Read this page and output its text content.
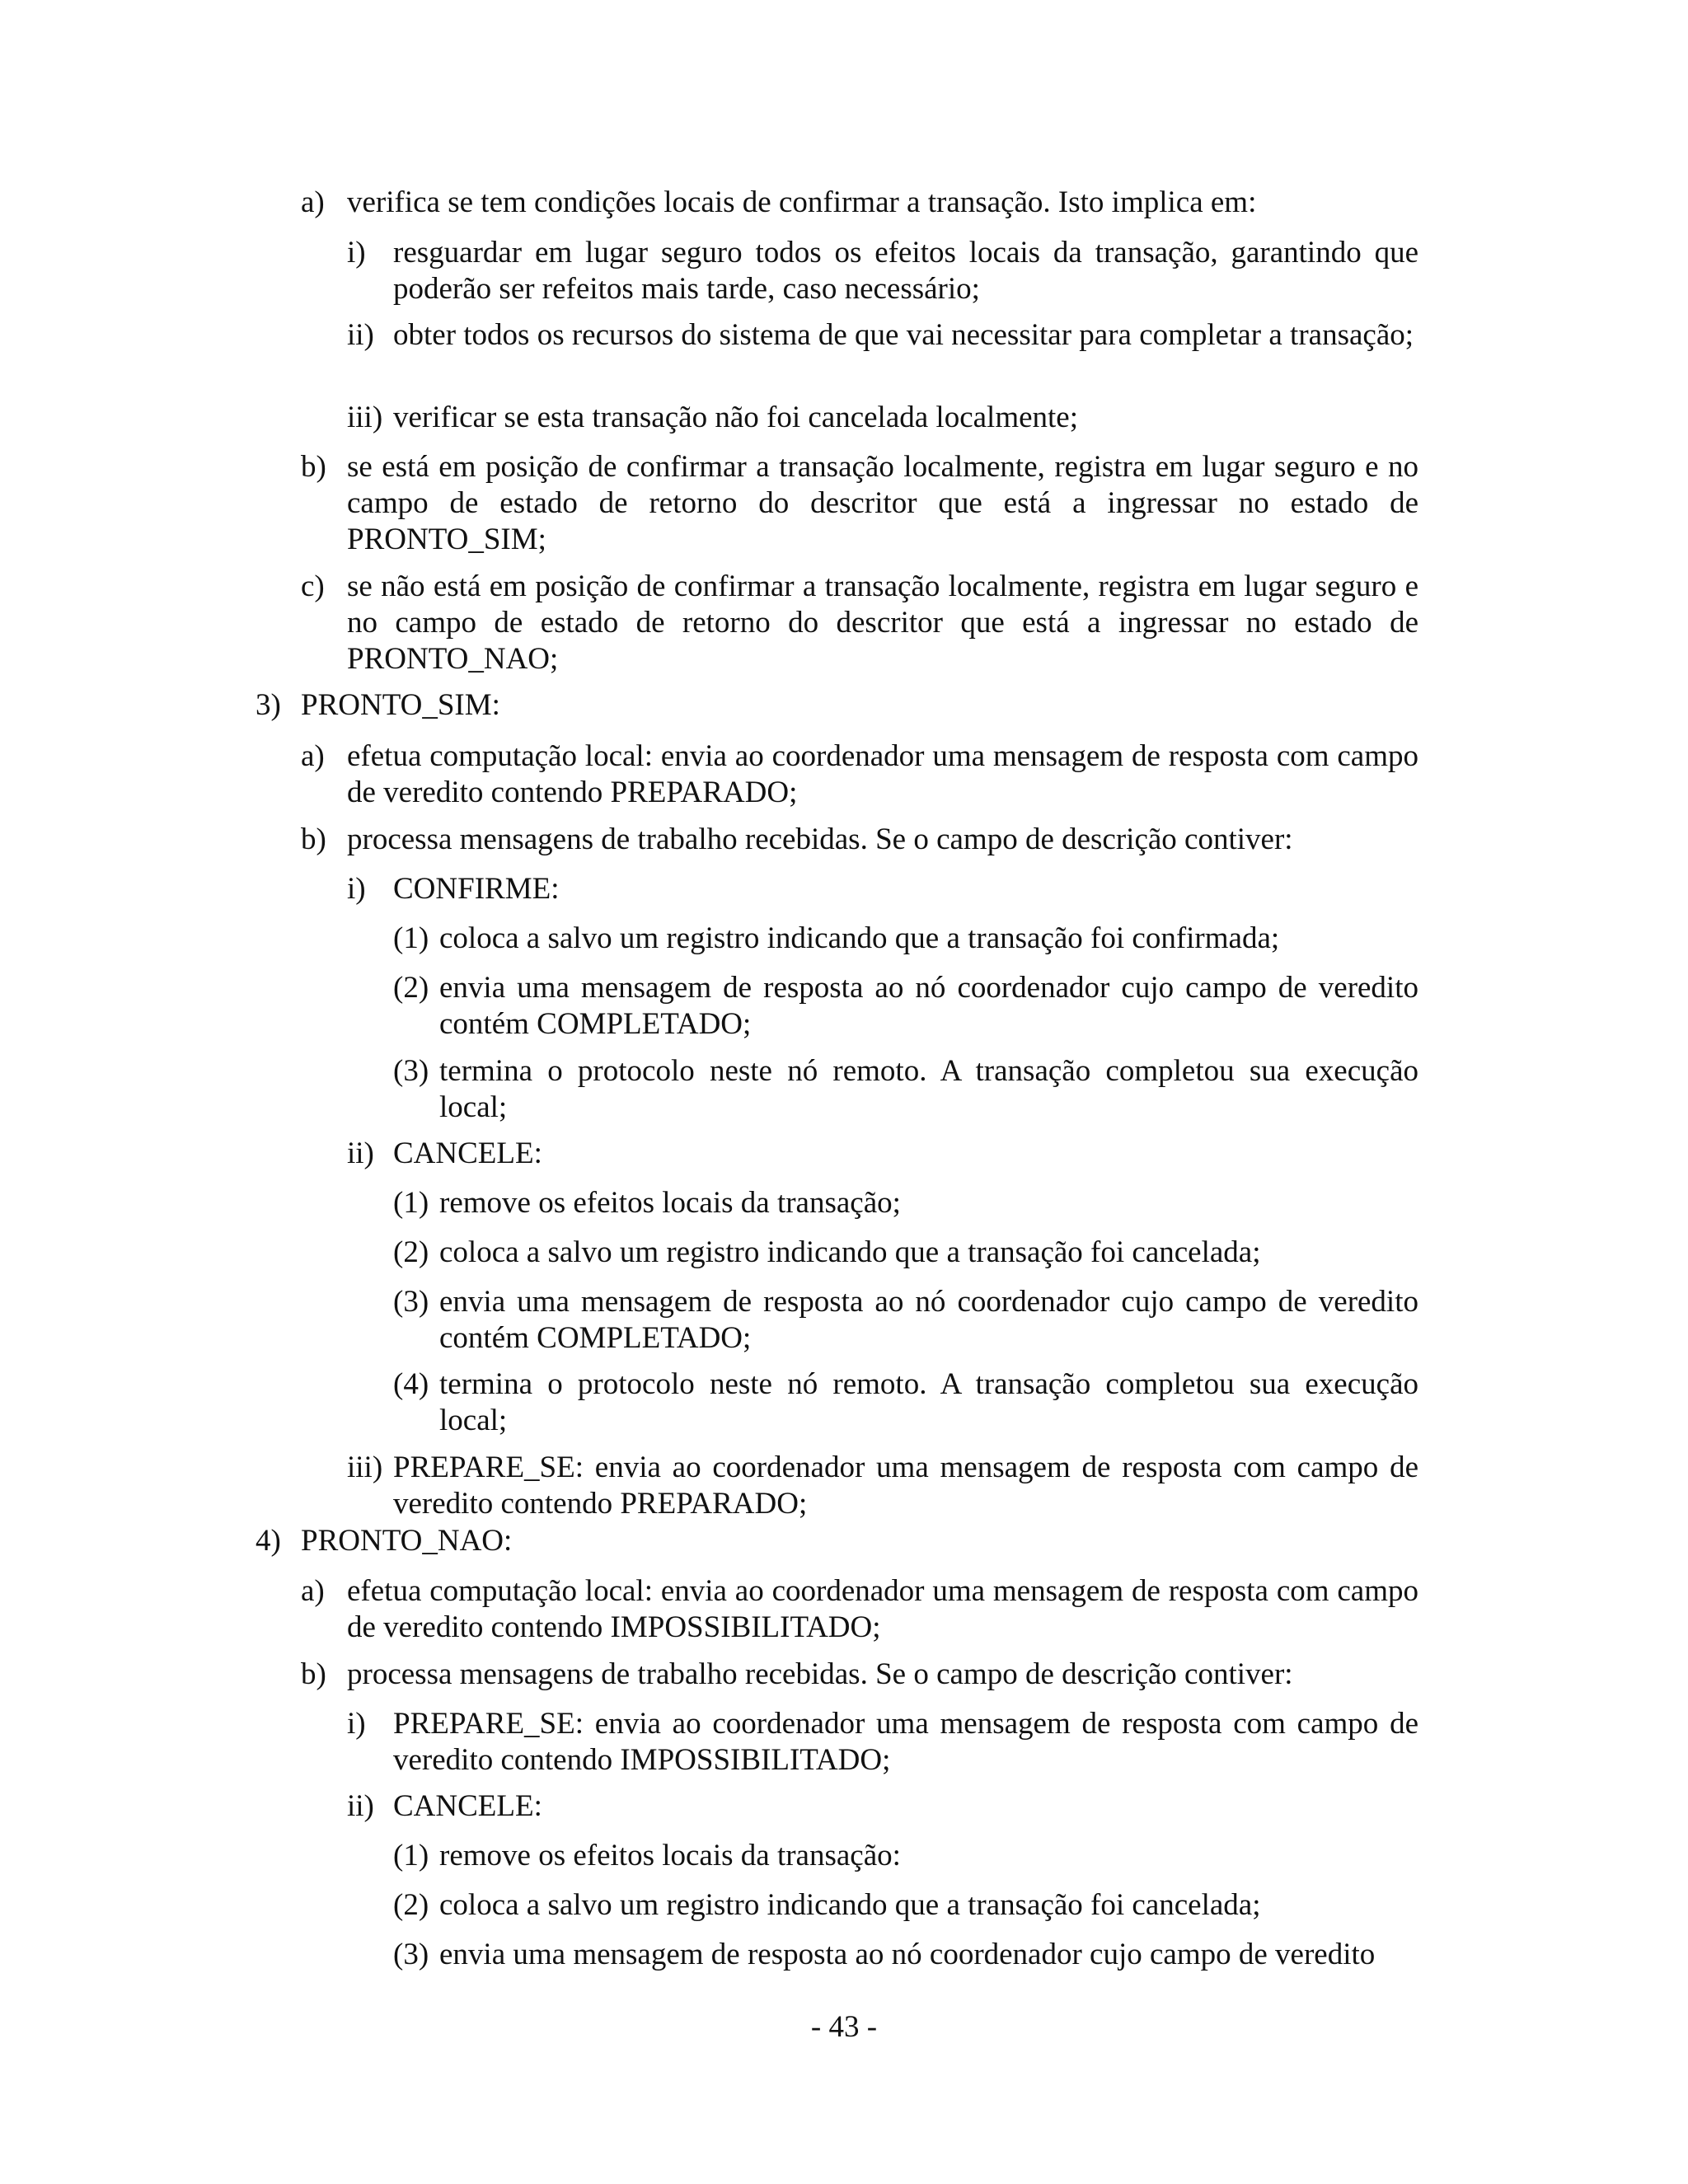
a) verifica se tem condições locais de confirmar a transação. Isto implica em:
i) resguardar em lugar seguro todos os efeitos locais da transação, garantindo que poderão ser refeitos mais tarde, caso necessário;
ii) obter todos os recursos do sistema de que vai necessitar para completar a transação;
iii) verificar se esta transação não foi cancelada localmente;
b) se está em posição de confirmar a transação localmente, registra em lugar seguro e no campo de estado de retorno do descritor que está a ingressar no estado de PRONTO_SIM;
c) se não está em posição de confirmar a transação localmente, registra em lugar seguro e no campo de estado de retorno do descritor que está a ingressar no estado de PRONTO_NAO;
3) PRONTO_SIM:
a) efetua computação local: envia ao coordenador uma mensagem de resposta com campo de veredito contendo PREPARADO;
b) processa mensagens de trabalho recebidas. Se o campo de descrição contiver:
i) CONFIRME:
(1) coloca a salvo um registro indicando que a transação foi confirmada;
(2) envia uma mensagem de resposta ao nó coordenador cujo campo de veredito contém COMPLETADO;
(3) termina o protocolo neste nó remoto. A transação completou sua execução local;
ii) CANCELE:
(1) remove os efeitos locais da transação;
(2) coloca a salvo um registro indicando que a transação foi cancelada;
(3) envia uma mensagem de resposta ao nó coordenador cujo campo de veredito contém COMPLETADO;
(4) termina o protocolo neste nó remoto. A transação completou sua execução local;
iii) PREPARE_SE: envia ao coordenador uma mensagem de resposta com campo de veredito contendo PREPARADO;
4) PRONTO_NAO:
a) efetua computação local: envia ao coordenador uma mensagem de resposta com campo de veredito contendo IMPOSSIBILITADO;
b) processa mensagens de trabalho recebidas. Se o campo de descrição contiver:
i) PREPARE_SE: envia ao coordenador uma mensagem de resposta com campo de veredito contendo IMPOSSIBILITADO;
ii) CANCELE:
(1) remove os efeitos locais da transação:
(2) coloca a salvo um registro indicando que a transação foi cancelada;
(3) envia uma mensagem de resposta ao nó coordenador cujo campo de veredito
- 43 -
